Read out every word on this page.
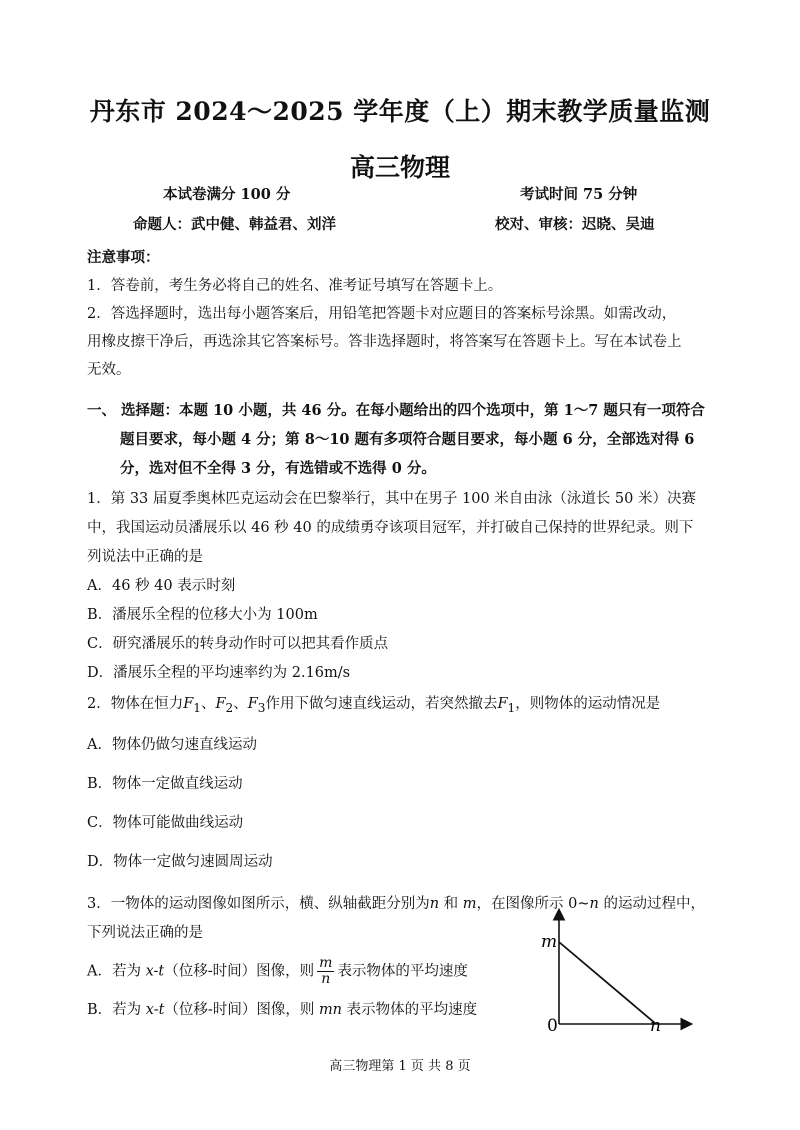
丹东市 2024～2025 学年度（上）期末教学质量监测
高三物理
本试卷满分 100 分	考试时间 75 分钟
命题人：武中健、韩益君、刘洋	校对、审核：迟晓、吴迪
注意事项：
1．答卷前，考生务必将自己的姓名、准考证号填写在答题卡上。
2．答选择题时，选出每小题答案后，用铅笔把答题卡对应题目的答案标号涂黑。如需改动，
用橡皮擦干净后，再选涂其它答案标号。答非选择题时，将答案写在答题卡上。写在本试卷上
无效。
一、 选择题：本题 10 小题，共 46 分。在每小题给出的四个选项中，第 1～7 题只有一项符合
题目要求，每小题 4 分；第 8～10 题有多项符合题目要求，每小题 6 分，全部选对得 6
分，选对但不全得 3 分，有选错或不选得 0 分。
1．第 33 届夏季奥林匹克运动会在巴黎举行，其中在男子 100 米自由泳（泳道长 50 米）决赛
中，我国运动员潘展乐以 46 秒 40 的成绩勇夺该项目冠军，并打破自己保持的世界纪录。则下
列说法中正确的是
A．46 秒 40 表示时刻
B．潘展乐全程的位移大小为 100m
C．研究潘展乐的转身动作时可以把其看作质点
D．潘展乐全程的平均速率约为 2.16m/s
2．物体在恒力$F_1$、$F_2$、$F_3$作用下做匀速直线运动，若突然撤去$F_1$，则物体的运动情况是
A．物体仍做匀速直线运动
B．物体一定做直线运动
C．物体可能做曲线运动
D．物体一定做匀速圆周运动
3．一物体的运动图像如图所示，横、纵轴截距分别为n 和 m，在图像所示 0~n 的运动过程中，
下列说法正确的是
A．若为 x-t（位移-时间）图像，则 $\frac{m}{n}$ 表示物体的平均速度
B．若为 x-t（位移-时间）图像，则 mn 表示物体的平均速度
m
n
0
高三物理第 1 页 共 8 页
